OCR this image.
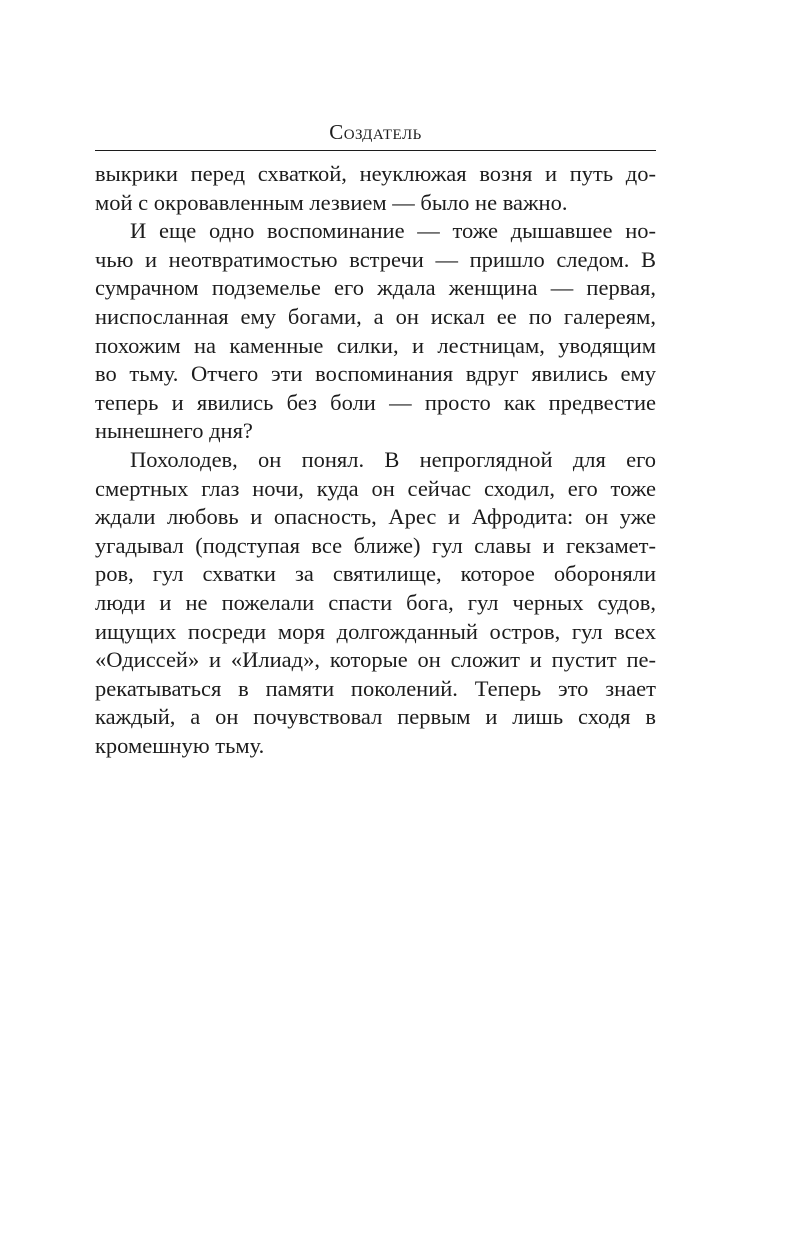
Создатель
выкрики перед схваткой, неуклюжая возня и путь до-
мой с окровавленным лезвием — было не важно.
И еще одно воспоминание — тоже дышавшее но-
чью и неотвратимостью встречи — пришло следом. В
сумрачном подземелье его ждала женщина — первая,
ниспосланная ему богами, а он искал ее по галереям,
похожим на каменные силки, и лестницам, уводящим
во тьму. Отчего эти воспоминания вдруг явились ему
теперь и явились без боли — просто как предвестие
нынешнего дня?
Похолодев, он понял. В непроглядной для его
смертных глаз ночи, куда он сейчас сходил, его тоже
ждали любовь и опасность, Арес и Афродита: он уже
угадывал (подступая все ближе) гул славы и гекзамет-
ров, гул схватки за святилище, которое обороняли
люди и не пожелали спасти бога, гул черных судов,
ищущих посреди моря долгожданный остров, гул всех
«Одиссей» и «Илиад», которые он сложит и пустит пе-
рекатываться в памяти поколений. Теперь это знает
каждый, а он почувствовал первым и лишь сходя в
кромешную тьму.
